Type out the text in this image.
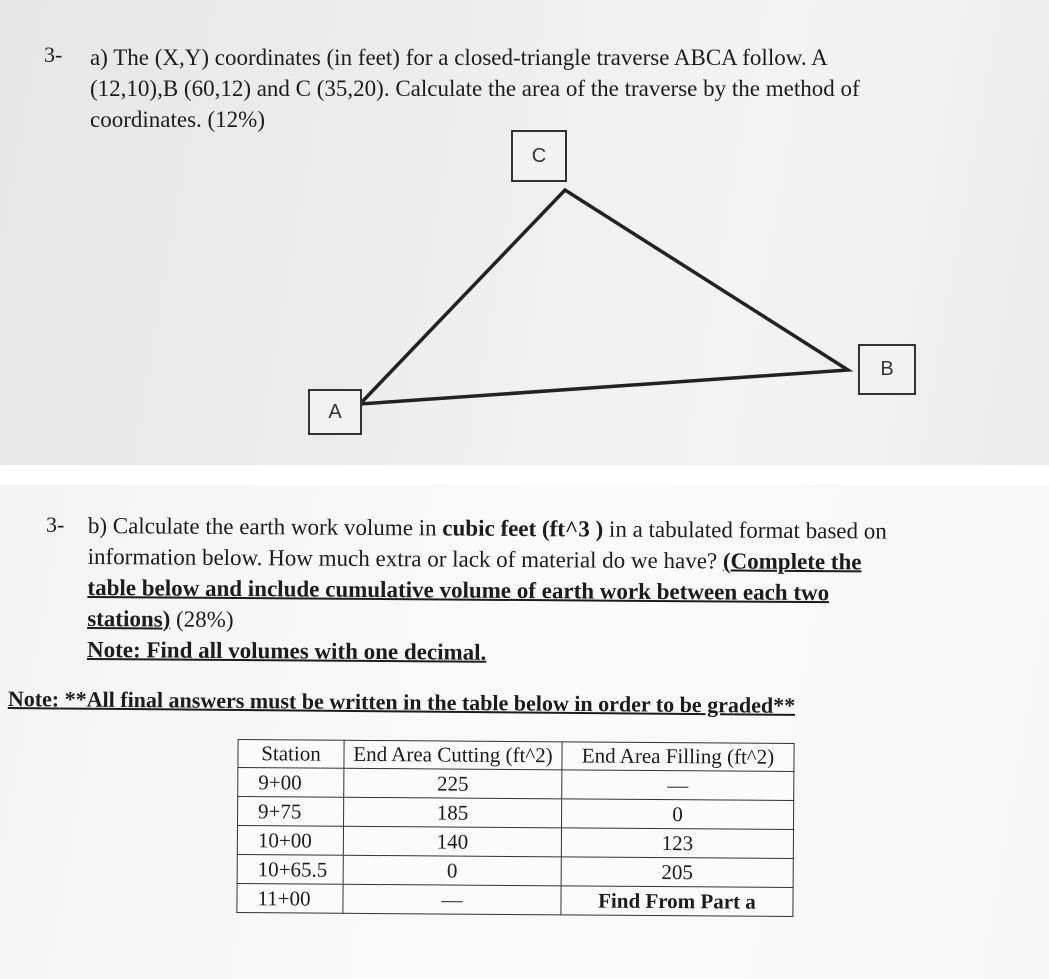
3- a) The (X,Y) coordinates (in feet) for a closed-triangle traverse ABCA follow. A
(12,10),B (60,12) and C (35,20). Calculate the area of the traverse by the method of
coordinates. (12%)
C
B
A
3- b) Calculate the earth work volume in cubic feet (ft^3 ) in a tabulated format based on
information below. How much extra or lack of material do we have? (Complete the
table below and include cumulative volume of earth work between each two
stations) (28%)
Note: Find all volumes with one decimal.
Note: **All final answers must be written in the table below in order to be graded**
Station	End Area Cutting (ft^2)	End Area Filling (ft^2)
9+00	225	—
9+75	185	0
10+00	140	123
10+65.5	0	205
11+00	—	Find From Part a
